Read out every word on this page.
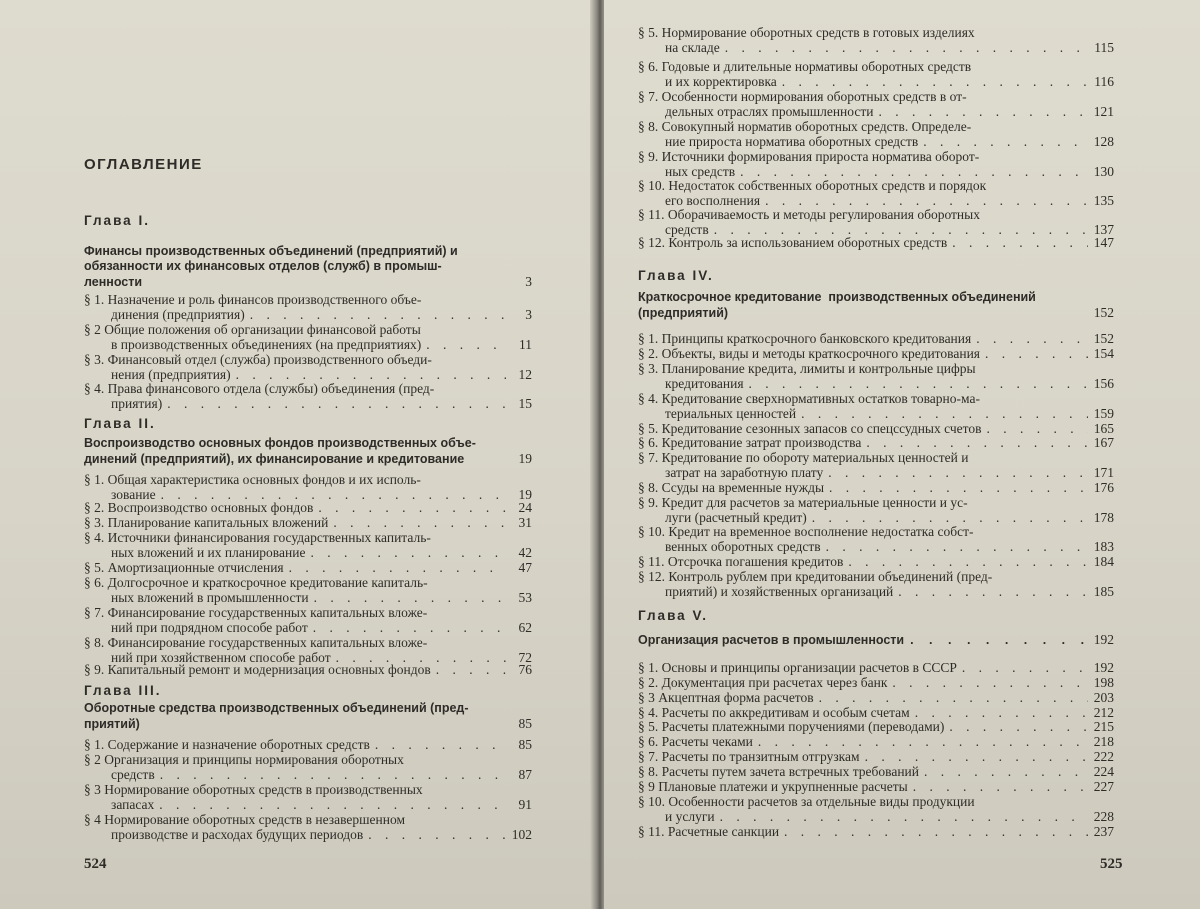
ОГЛАВЛЕНИЕ
Глава I.
Финансы производственных объединений (предприятий) и
обязанности их финансовых отделов (служб) в промыш-
ленности	3
§ 1. Назначение и роль финансов производственного объе-
динения (предприятия) . . .	3
§ 2 Общие положения об организации финансовой работы
в производственных объединениях (на предприятиях) . . .	11
§ 3. Финансовый отдел (служба) производственного объеди-
нения (предприятия) . . .	12
§ 4. Права финансового отдела (службы) объединения (пред-
приятия) . . .	15
Глава II.
Воспроизводство основных фондов производственных объе-
динений (предприятий), их финансирование и кредитование	19
§ 1. Общая характеристика основных фондов и их исполь-
зование . . .	19
§ 2. Воспроизводство основных фондов . . .	24
§ 3. Планирование капитальных вложений . . .	31
§ 4. Источники финансирования государственных капиталь-
ных вложений и их планирование . . .	42
§ 5. Амортизационные отчисления . . .	47
§ 6. Долгосрочное и краткосрочное кредитование капиталь-
ных вложений в промышленности . . .	53
§ 7. Финансирование государственных капитальных вложе-
ний при подрядном способе работ . . .	62
§ 8. Финансирование государственных капитальных вложе-
ний при хозяйственном способе работ . . .	72
§ 9. Капитальный ремонт и модернизация основных фондов . . .	76
Глава III.
Оборотные средства производственных объединений (пред-
приятий)	85
§ 1. Содержание и назначение оборотных средств . . .	85
§ 2 Организация и принципы нормирования оборотных
средств . . .	87
§ 3 Нормирование оборотных средств в производственных
запасах . . .	91
§ 4 Нормирование оборотных средств в незавершенном
производстве и расходах будущих периодов . . .	102
524
§ 5. Нормирование оборотных средств в готовых изделиях
на складе . . .	115
§ 6. Годовые и длительные нормативы оборотных средств
и их корректировка . . .	116
§ 7. Особенности нормирования оборотных средств в от-
дельных отраслях промышленности . . .	121
§ 8. Совокупный норматив оборотных средств. Определе-
ние прироста норматива оборотных средств . . .	128
§ 9. Источники формирования прироста норматива оборот-
ных средств . . .	130
§ 10. Недостаток собственных оборотных средств и порядок
его восполнения . . .	135
§ 11. Оборачиваемость и методы регулирования оборотных
средств . . .	137
§ 12. Контроль за использованием оборотных средств . . .	147
Глава IV.
Краткосрочное кредитование  производственных объединений
(предприятий)	152
§ 1. Принципы краткосрочного банковского кредитования . . .	152
§ 2. Объекты, виды и методы краткосрочного кредитования . . .	154
§ 3. Планирование кредита, лимиты и контрольные цифры
кредитования . . .	156
§ 4. Кредитование сверхнормативных остатков товарно-ма-
териальных ценностей . . .	159
§ 5. Кредитование сезонных запасов со спецссудных счетов . . .	165
§ 6. Кредитование затрат производства . . .	167
§ 7. Кредитование по обороту материальных ценностей и
затрат на заработную плату . . .	171
§ 8. Ссуды на временные нужды . . .	176
§ 9. Кредит для расчетов за материальные ценности и ус-
луги (расчетный кредит) . . .	178
§ 10. Кредит на временное восполнение недостатка собст-
венных оборотных средств . . .	183
§ 11. Отсрочка погашения кредитов . . .	184
§ 12. Контроль рублем при кредитовании объединений (пред-
приятий) и хозяйственных организаций . . .	185
Глава V.
Организация расчетов в промышленности . . .	192
§ 1. Основы и принципы организации расчетов в СССР . . .	192
§ 2. Документация при расчетах через банк . . .	198
§ 3 Акцептная форма расчетов . . .	203
§ 4. Расчеты по аккредитивам и особым счетам . . .	212
§ 5. Расчеты платежными поручениями (переводами) . . .	215
§ 6. Расчеты чеками . . .	218
§ 7. Расчеты по транзитным отгрузкам . . .	222
§ 8. Расчеты путем зачета встречных требований . . .	224
§ 9 Плановые платежи и укрупненные расчеты . . .	227
§ 10. Особенности расчетов за отдельные виды продукции
и услуги . . .	228
§ 11. Расчетные санкции . . .	237
525
